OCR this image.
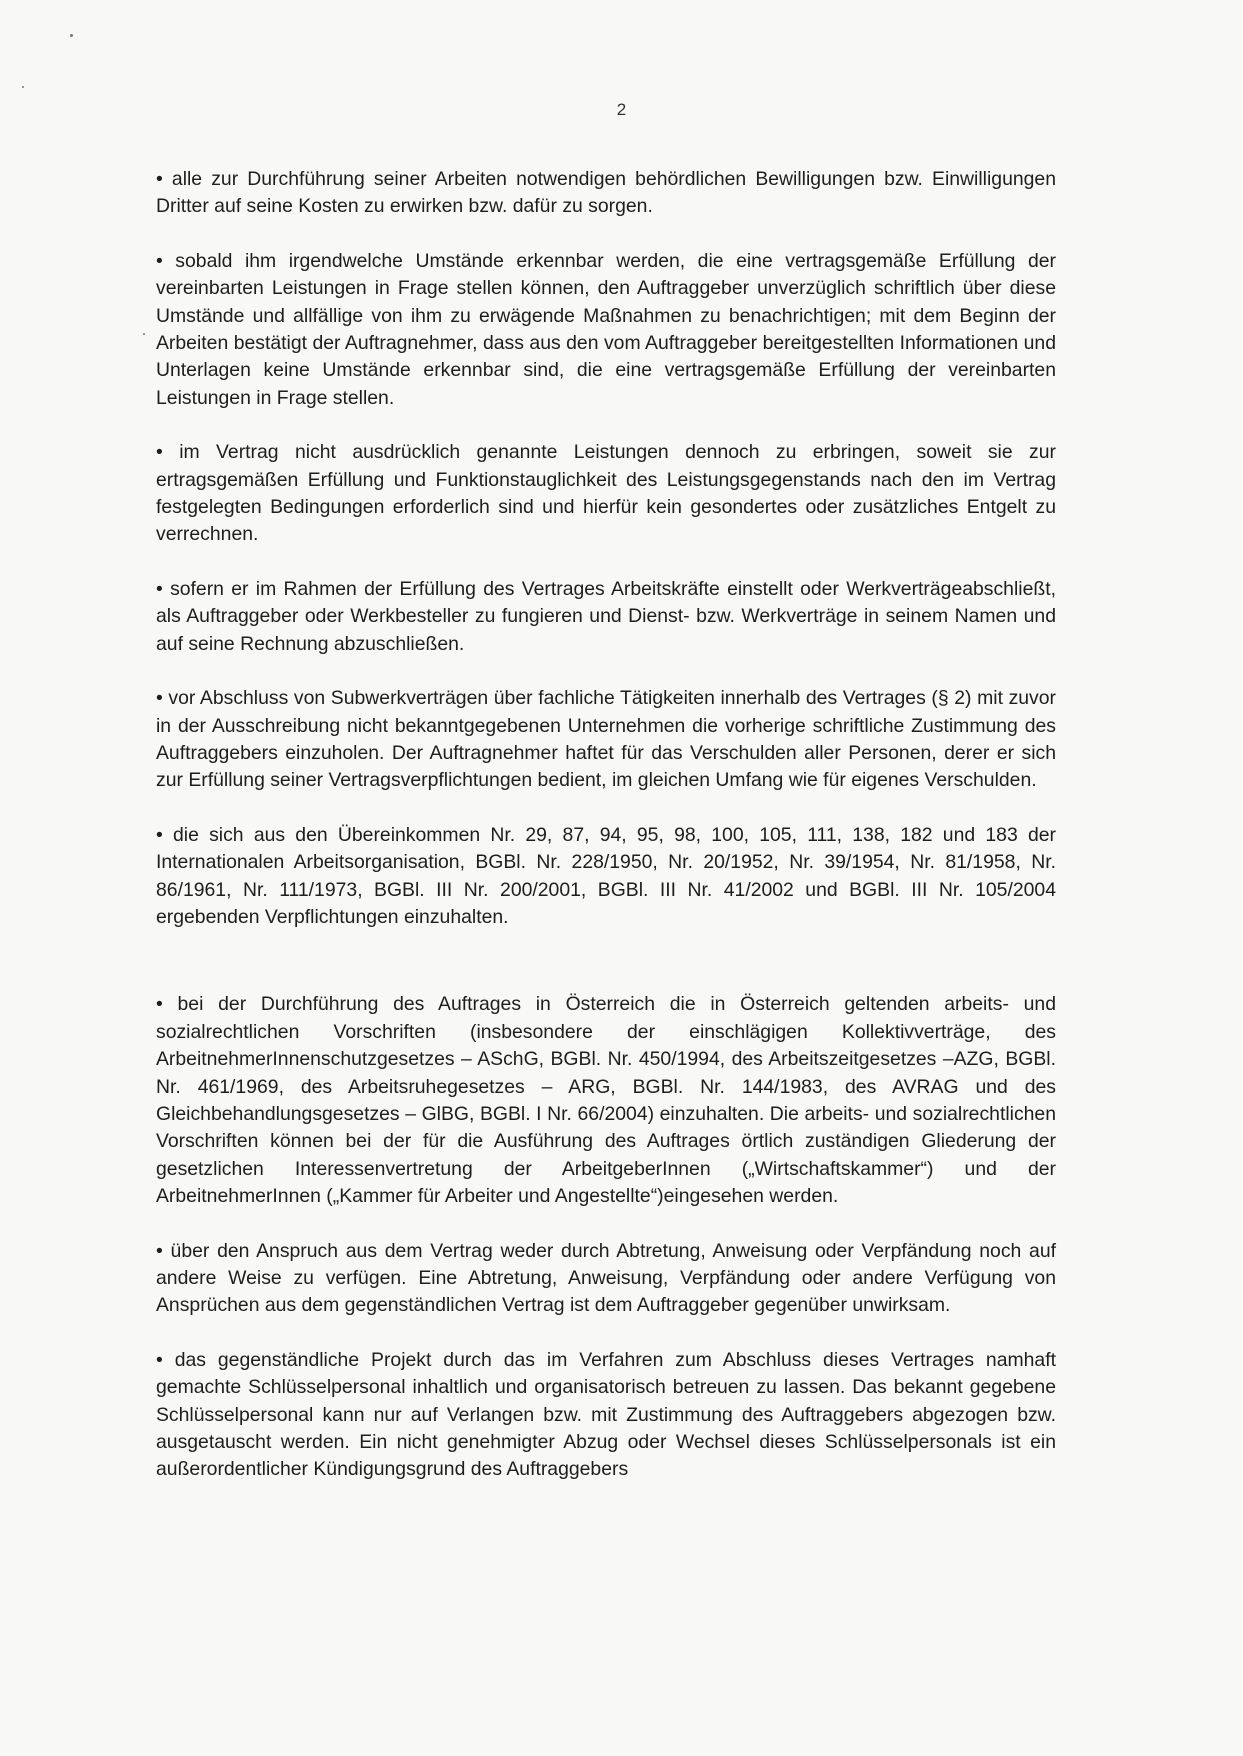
2

• alle zur Durchführung seiner Arbeiten notwendigen behördlichen Bewilligungen bzw. Einwilligungen Dritter auf seine Kosten zu erwirken bzw. dafür zu sorgen.

• sobald ihm irgendwelche Umstände erkennbar werden, die eine vertragsgemäße Erfüllung der vereinbarten Leistungen in Frage stellen können, den Auftraggeber unverzüglich schriftlich über diese Umstände und allfällige von ihm zu erwägende Maßnahmen zu benachrichtigen; mit dem Beginn der Arbeiten bestätigt der Auftragnehmer, dass aus den vom Auftraggeber bereitgestellten Informationen und Unterlagen keine Umstände erkennbar sind, die eine vertragsgemäße Erfüllung der vereinbarten Leistungen in Frage stellen.

• im Vertrag nicht ausdrücklich genannte Leistungen dennoch zu erbringen, soweit sie zur ertragsgemäßen Erfüllung und Funktionstauglichkeit des Leistungsgegenstands nach den im Vertrag festgelegten Bedingungen erforderlich sind und hierfür kein gesondertes oder zusätzliches Entgelt zu verrechnen.

• sofern er im Rahmen der Erfüllung des Vertrages Arbeitskräfte einstellt oder Werkverträgeabschließt, als Auftraggeber oder Werkbesteller zu fungieren und Dienst- bzw. Werkverträge in seinem Namen und auf seine Rechnung abzuschließen.

• vor Abschluss von Subwerkverträgen über fachliche Tätigkeiten innerhalb des Vertrages (§ 2) mit zuvor in der Ausschreibung nicht bekanntgegebenen Unternehmen die vorherige schriftliche Zustimmung des Auftraggebers einzuholen. Der Auftragnehmer haftet für das Verschulden aller Personen, derer er sich zur Erfüllung seiner Vertragsverpflichtungen bedient, im gleichen Umfang wie für eigenes Verschulden.

• die sich aus den Übereinkommen Nr. 29, 87, 94, 95, 98, 100, 105, 111, 138, 182 und 183 der Internationalen Arbeitsorganisation, BGBl. Nr. 228/1950, Nr. 20/1952, Nr. 39/1954, Nr. 81/1958, Nr. 86/1961, Nr. 111/1973, BGBl. III Nr. 200/2001, BGBl. III Nr. 41/2002 und BGBl. III Nr. 105/2004 ergebenden Verpflichtungen einzuhalten.

• bei der Durchführung des Auftrages in Österreich die in Österreich geltenden arbeits- und sozialrechtlichen Vorschriften (insbesondere der einschlägigen Kollektivverträge, des ArbeitnehmerInnenschutzgesetzes – ASchG, BGBl. Nr. 450/1994, des Arbeitszeitgesetzes –AZG, BGBl. Nr. 461/1969, des Arbeitsruhegesetzes – ARG, BGBl. Nr. 144/1983, des AVRAG und des Gleichbehandlungsgesetzes – GlBG, BGBl. I Nr. 66/2004) einzuhalten. Die arbeits- und sozialrechtlichen Vorschriften können bei der für die Ausführung des Auftrages örtlich zuständigen Gliederung der gesetzlichen Interessenvertretung der ArbeitgeberInnen („Wirtschaftskammer“) und der ArbeitnehmerInnen („Kammer für Arbeiter und Angestellte“)eingesehen werden.

• über den Anspruch aus dem Vertrag weder durch Abtretung, Anweisung oder Verpfändung noch auf andere Weise zu verfügen. Eine Abtretung, Anweisung, Verpfändung oder andere Verfügung von Ansprüchen aus dem gegenständlichen Vertrag ist dem Auftraggeber gegenüber unwirksam.

• das gegenständliche Projekt durch das im Verfahren zum Abschluss dieses Vertrages namhaft gemachte Schlüsselpersonal inhaltlich und organisatorisch betreuen zu lassen. Das bekannt gegebene Schlüsselpersonal kann nur auf Verlangen bzw. mit Zustimmung des Auftraggebers abgezogen bzw. ausgetauscht werden. Ein nicht genehmigter Abzug oder Wechsel dieses Schlüsselpersonals ist ein außerordentlicher Kündigungsgrund des Auftraggebers
